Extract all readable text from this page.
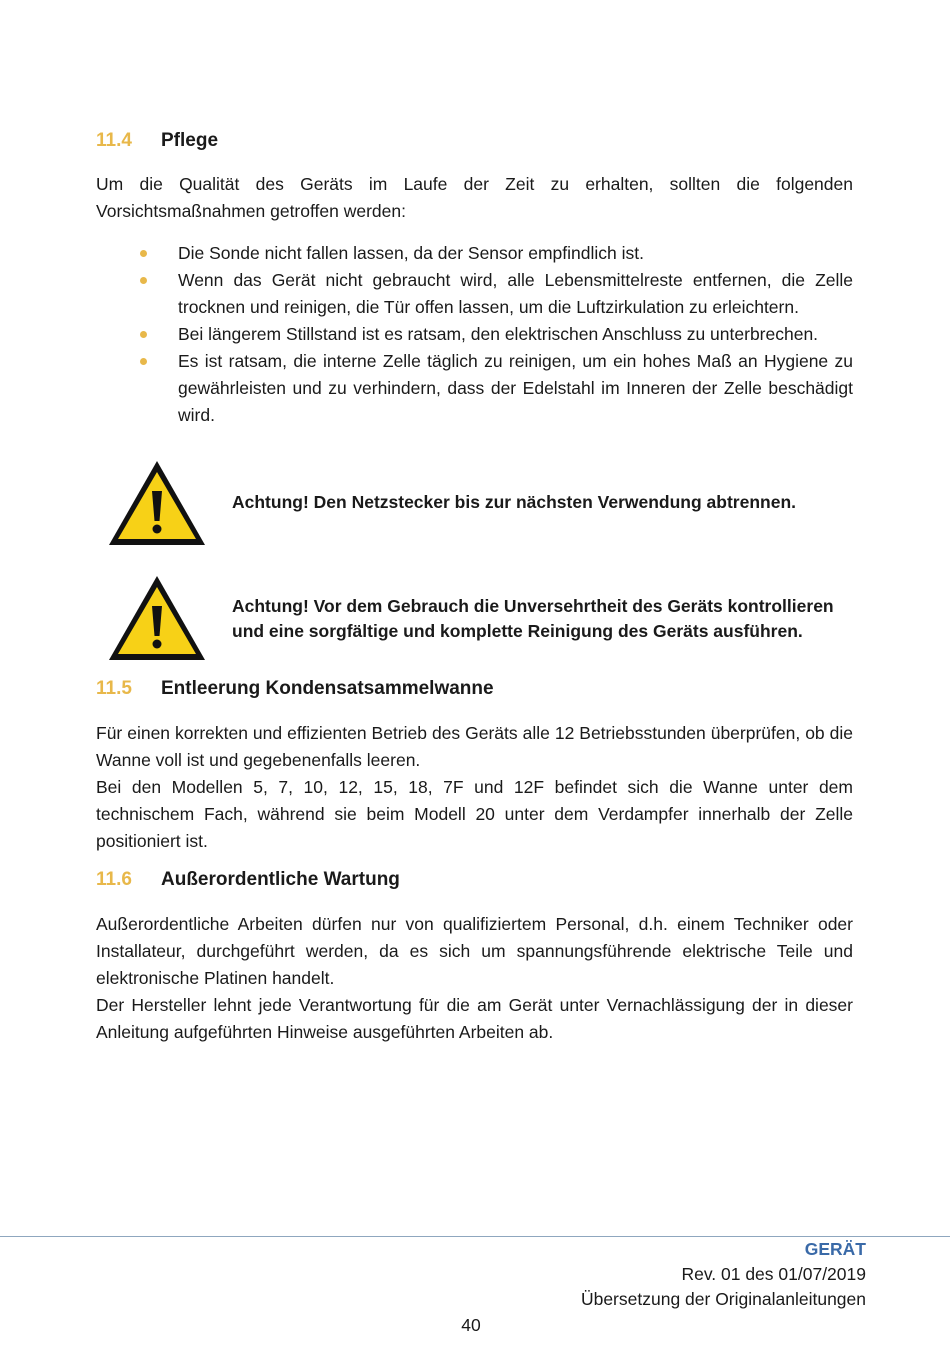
11.4	Pflege

Um die Qualität des Geräts im Laufe der Zeit zu erhalten, sollten die folgenden Vorsichtsmaßnahmen getroffen werden:

Die Sonde nicht fallen lassen, da der Sensor empfindlich ist.
Wenn das Gerät nicht gebraucht wird, alle Lebensmittelreste entfernen, die Zelle trocknen und reinigen, die Tür offen lassen, um die Luftzirkulation zu erleichtern.
Bei längerem Stillstand ist es ratsam, den elektrischen Anschluss zu unterbrechen.
Es ist ratsam, die interne Zelle täglich zu reinigen, um ein hohes Maß an Hygiene zu gewährleisten und zu verhindern, dass der Edelstahl im Inneren der Zelle beschädigt wird.

Achtung! Den Netzstecker bis zur nächsten Verwendung abtrennen.

Achtung! Vor dem Gebrauch die Unversehrtheit des Geräts kontrollieren und eine sorgfältige und komplette Reinigung des Geräts ausführen.

11.5	Entleerung Kondensatsammelwanne

Für einen korrekten und effizienten Betrieb des Geräts alle 12 Betriebsstunden überprüfen, ob die Wanne voll ist und gegebenenfalls leeren.

Bei den Modellen 5, 7, 10, 12, 15, 18, 7F und 12F befindet sich die Wanne unter dem technischem Fach, während sie beim Modell 20 unter dem Verdampfer innerhalb der Zelle positioniert ist.

11.6	Außerordentliche Wartung

Außerordentliche Arbeiten dürfen nur von qualifiziertem Personal, d.h. einem Techniker oder Installateur, durchgeführt werden, da es sich um spannungsführende elektrische Teile und elektronische Platinen handelt.

Der Hersteller lehnt jede Verantwortung für die am Gerät unter Vernachlässigung der in dieser Anleitung aufgeführten Hinweise ausgeführten Arbeiten ab.

GERÄT
Rev. 01 des 01/07/2019
Übersetzung der Originalanleitungen
40
